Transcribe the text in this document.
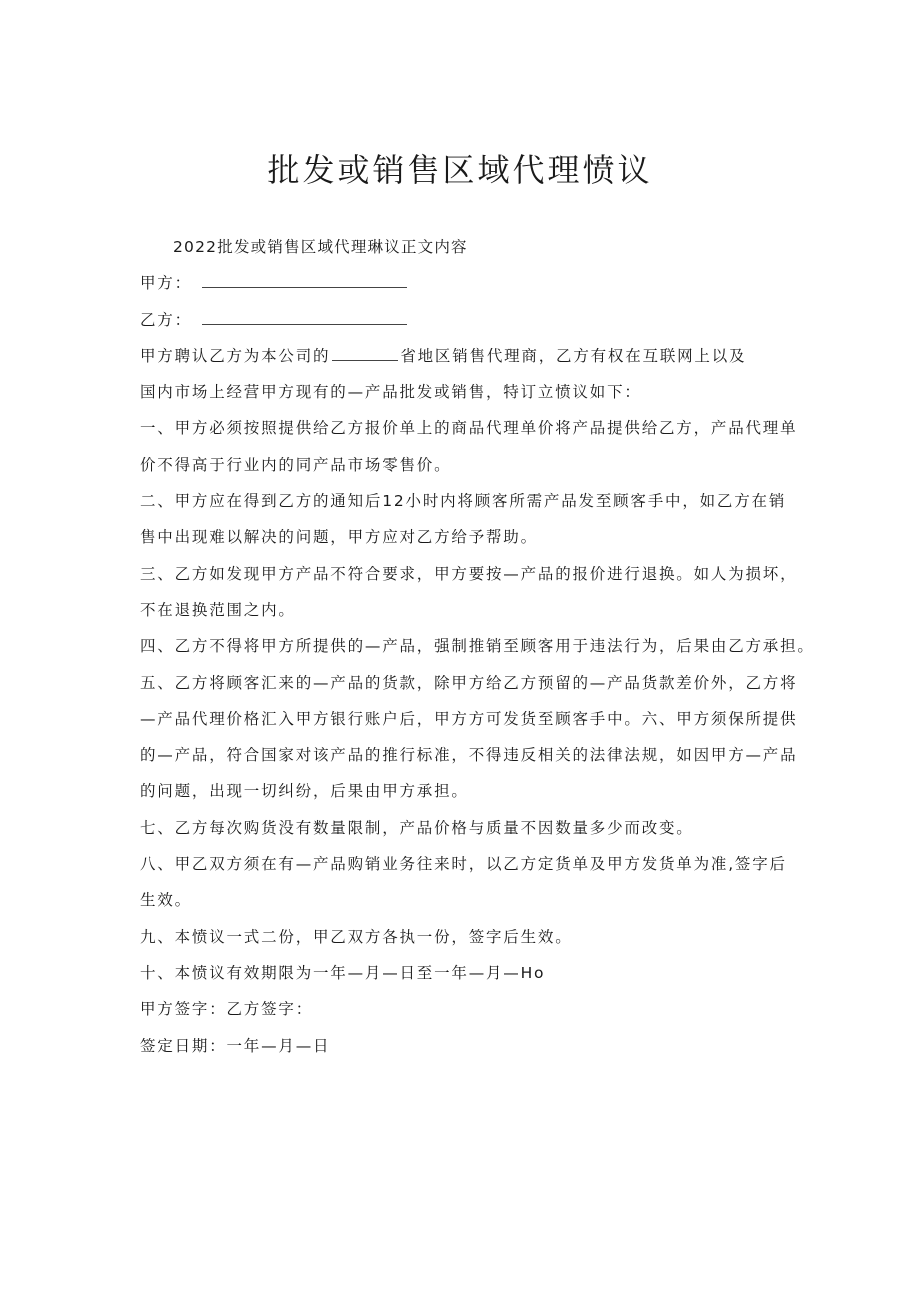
批发或销售区域代理愤议
2022批发或销售区域代理琳议正文内容
甲方：
乙方：
甲方聘认乙方为本公司的	省地区销售代理商，乙方有权在互联网上以及
国内市场上经营甲方现有的—产品批发或销售，特订立愤议如下：
一、甲方必须按照提供给乙方报价单上的商品代理单价将产品提供给乙方，产品代理单
价不得高于行业内的同产品市场零售价。
二、甲方应在得到乙方的通知后12小时内将顾客所需产品发至顾客手中，如乙方在销
售中出现难以解决的问题，甲方应对乙方给予帮助。
三、乙方如发现甲方产品不符合要求，甲方要按—产品的报价进行退换。如人为损坏，
不在退换范围之内。
四、乙方不得将甲方所提供的—产品，强制推销至顾客用于违法行为，后果由乙方承担。
五、乙方将顾客汇来的—产品的货款，除甲方给乙方预留的—产品货款差价外，乙方将
—产品代理价格汇入甲方银行账户后，甲方方可发货至顾客手中。六、甲方须保所提供
的—产品，符合国家对该产品的推行标准，不得违反相关的法律法规，如因甲方—产品
的问题，出现一切纠纷，后果由甲方承担。
七、乙方每次购货没有数量限制，产品价格与质量不因数量多少而改变。
八、甲乙双方须在有—产品购销业务往来时，以乙方定货单及甲方发货单为准,签字后
生效。
九、本愤议一式二份，甲乙双方各执一份，签字后生效。
十、本愤议有效期限为一年—月—日至一年—月—Ho
甲方签字：乙方签字：
签定日期：一年—月—日
